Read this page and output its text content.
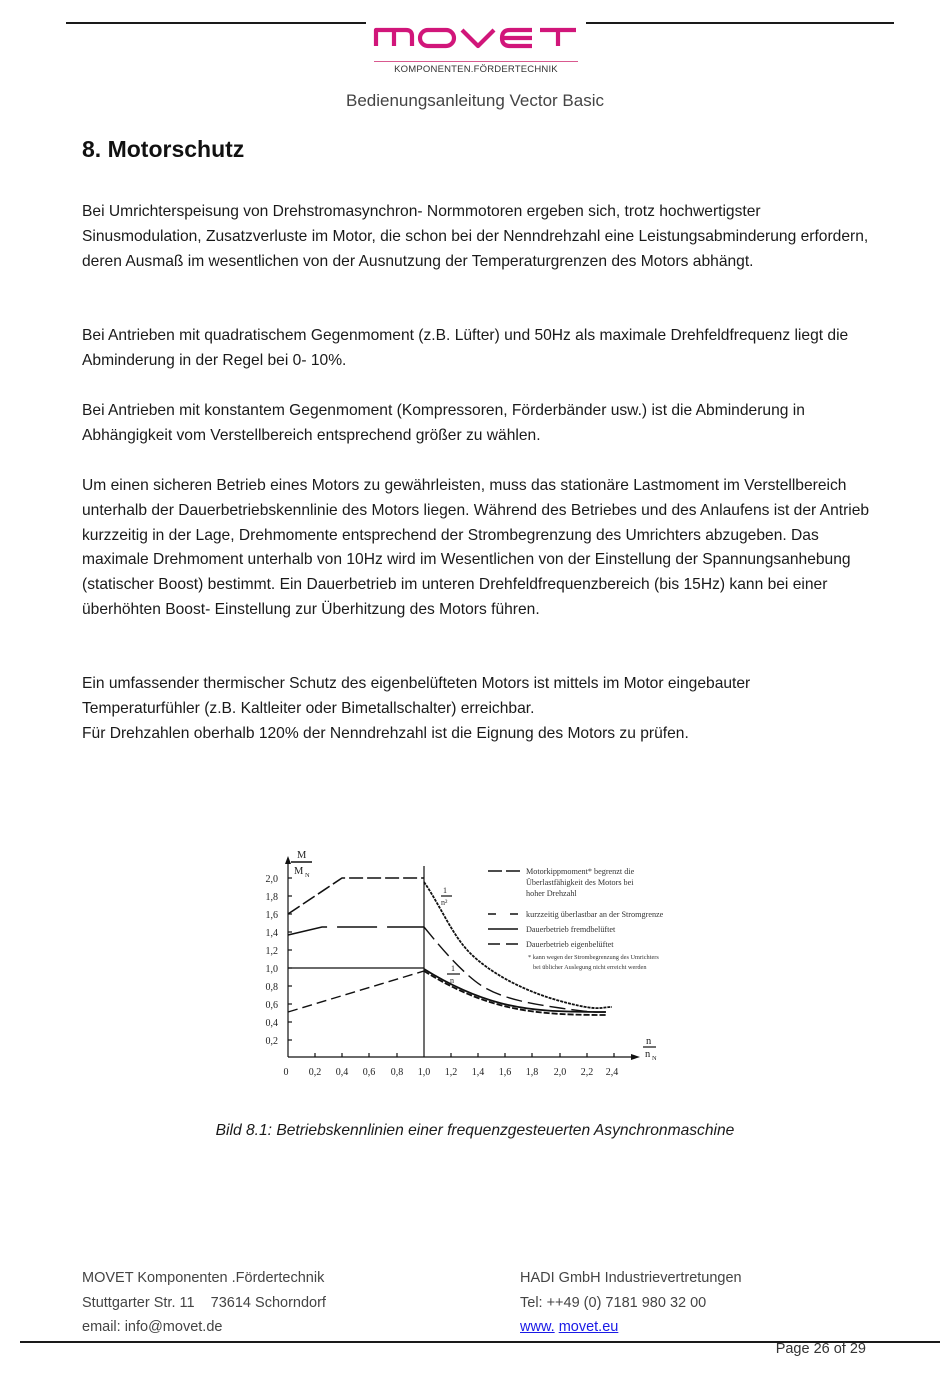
KOMPONENTEN.FÖRDERTECHNIK
Bedienungsanleitung Vector Basic
8. Motorschutz

Bei Umrichterspeisung von Drehstromasynchron- Normmotoren ergeben sich, trotz hochwertigster Sinusmodulation, Zusatzverluste im Motor, die schon bei der Nenndrehzahl eine Leistungsabminderung erfordern, deren Ausmaß im wesentlichen von der Ausnutzung der Temperaturgrenzen des Motors abhängt.

Bei Antrieben mit quadratischem Gegenmoment (z.B. Lüfter) und 50Hz als maximale Drehfeldfrequenz liegt die Abminderung in der Regel bei 0- 10%.

Bei Antrieben mit konstantem Gegenmoment (Kompressoren, Förderbänder usw.) ist die Abminderung in Abhängigkeit vom Verstellbereich entsprechend größer zu wählen.

Um einen sicheren Betrieb eines Motors zu gewährleisten, muss das stationäre Lastmoment im Verstellbereich unterhalb der Dauerbetriebskennlinie des Motors liegen. Während des Betriebes und des Anlaufens ist der Antrieb kurzzeitig in der Lage, Drehmomente entsprechend der Strombegrenzung des Umrichters abzugeben. Das maximale Drehmoment unterhalb von 10Hz wird im Wesentlichen von der Einstellung der Spannungsanhebung (statischer Boost) bestimmt. Ein Dauerbetrieb im unteren Drehfeldfrequenzbereich (bis 15Hz) kann bei einer überhöhten Boost- Einstellung zur Überhitzung des Motors führen.

Ein umfassender thermischer Schutz des eigenbelüfteten Motors ist mittels im Motor eingebauter Temperaturfühler (z.B. Kaltleiter oder Bimetallschalter) erreichbar.

Für Drehzahlen oberhalb 120% der Nenndrehzahl ist die Eignung des Motors zu prüfen.

M
M N
n
n N
1
n²
1
n
2,0
1,8
1,6
1,4
1,2
1,0
0,8
0,6
0,4
0,2
0 0,2 0,4 0,6 0,8 1,0 1,2 1,4 1,6 1,8 2,0 2,2 2,4
Motorkippmoment* begrenzt die
Überlastfähigkeit des Motors bei
hoher Drehzahl
kurzzeitig überlastbar an der Stromgrenze
Dauerbetrieb fremdbelüftet
Dauerbetrieb eigenbelüftet
* kann wegen der Strombegrenzung des Umrichters
bei üblicher Auslegung nicht erreicht werden
Bild 8.1: Betriebskennlinien einer frequenzgesteuerten Asynchronmaschine
MOVET Komponenten .Fördertechnik
Stuttgarter Str. 11    73614 Schorndorf
email: info@movet.de
HADI GmbH Industrievertretungen
Tel: ++49 (0) 7181 980 32 00
www. movet.eu
Page 26 of 29
